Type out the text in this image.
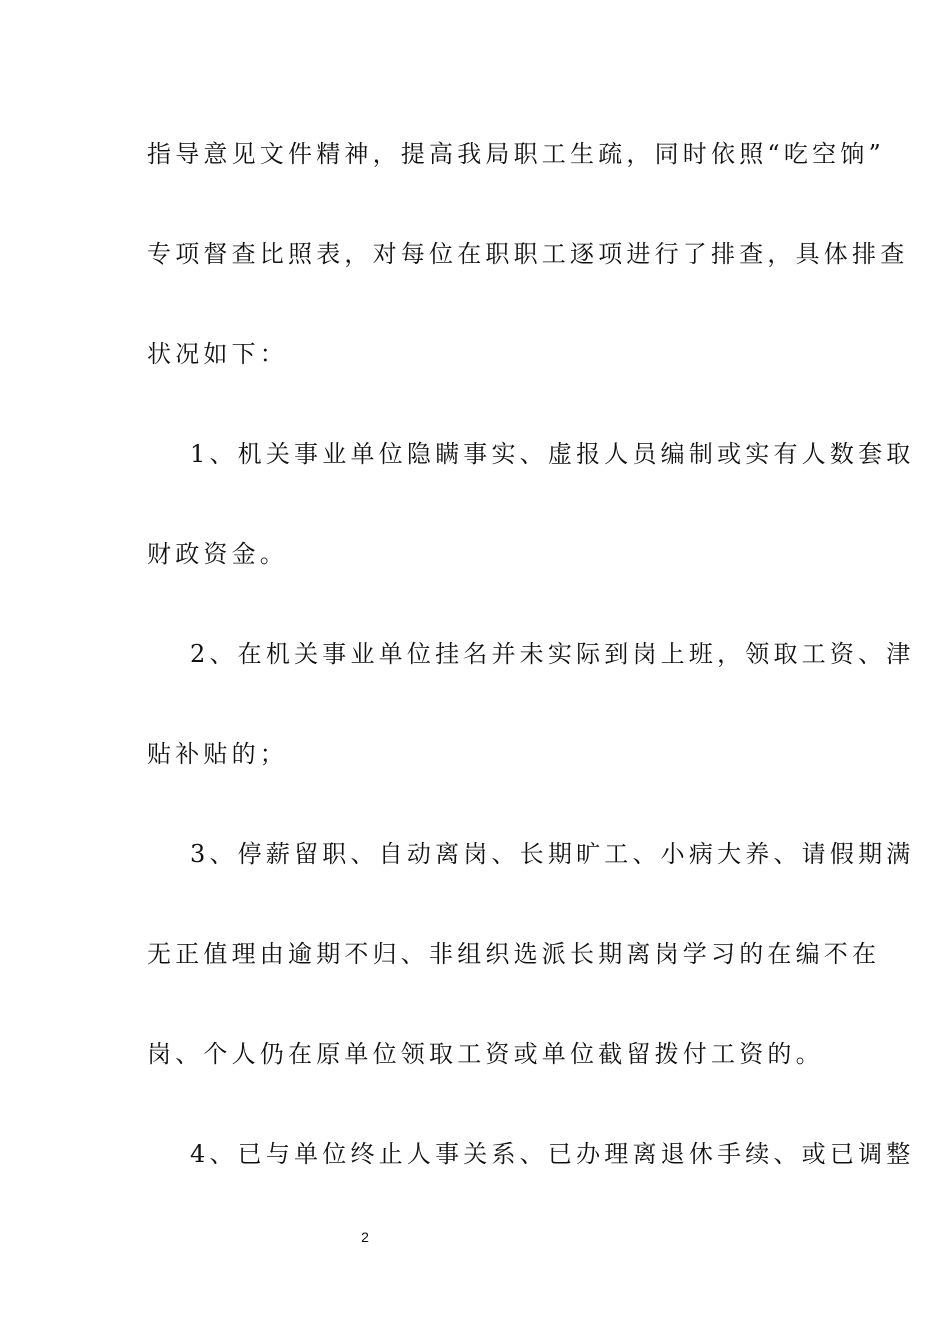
指导意见文件精神，提高我局职工生疏，同时依照“吃空饷”
专项督查比照表，对每位在职职工逐项进行了排查，具体排查
状况如下：
1、机关事业单位隐瞒事实、虚报人员编制或实有人数套取
财政资金。
2、在机关事业单位挂名并未实际到岗上班，领取工资、津
贴补贴的；
3、停薪留职、自动离岗、长期旷工、小病大养、请假期满
无正值理由逾期不归、非组织选派长期离岗学习的在编不在
岗、个人仍在原单位领取工资或单位截留拨付工资的。
4、已与单位终止人事关系、已办理离退休手续、或已调整
2
